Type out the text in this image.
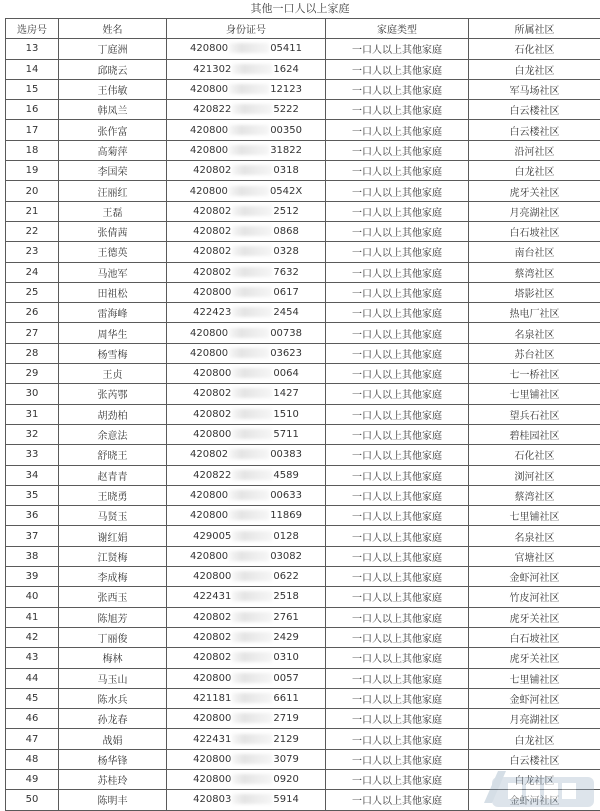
其他一口人以上家庭
选房号	姓名	身份证号	家庭类型	所属社区
13	丁庭洲	420800 05411	一口人以上其他家庭	石化社区
14	邱晓云	421302 1624	一口人以上其他家庭	白龙社区
15	王伟敏	420800 12123	一口人以上其他家庭	军马场社区
16	韩凤兰	420822 5222	一口人以上其他家庭	白云楼社区
17	张作富	420800 00350	一口人以上其他家庭	白云楼社区
18	高菊萍	420800 31822	一口人以上其他家庭	沿河社区
19	李国荣	420802 0318	一口人以上其他家庭	白龙社区
20	汪丽红	420800 0542X	一口人以上其他家庭	虎牙关社区
21	王磊	420802 2512	一口人以上其他家庭	月亮湖社区
22	张倩茜	420802 0868	一口人以上其他家庭	白石坡社区
23	王德英	420802 0328	一口人以上其他家庭	南台社区
24	马池军	420802 7632	一口人以上其他家庭	蔡湾社区
25	田祖松	420800 0617	一口人以上其他家庭	塔影社区
26	雷海峰	422423 2454	一口人以上其他家庭	热电厂社区
27	周华生	420800 00738	一口人以上其他家庭	名泉社区
28	杨雪梅	420800 03623	一口人以上其他家庭	苏台社区
29	王贞	420800 0064	一口人以上其他家庭	七一桥社区
30	张芮鄂	420802 1427	一口人以上其他家庭	七里铺社区
31	胡劲柏	420802 1510	一口人以上其他家庭	望兵石社区
32	余意法	420800 5711	一口人以上其他家庭	碧桂园社区
33	舒晓王	420802 00383	一口人以上其他家庭	石化社区
34	赵青青	420822 4589	一口人以上其他家庭	浏河社区
35	王晓勇	420800 00633	一口人以上其他家庭	蔡湾社区
36	马贤玉	420800 11869	一口人以上其他家庭	七里铺社区
37	谢红娟	429005 0128	一口人以上其他家庭	名泉社区
38	江贤梅	420800 03082	一口人以上其他家庭	官塘社区
39	李成梅	420800 0622	一口人以上其他家庭	金虾河社区
40	张西玉	422431 2518	一口人以上其他家庭	竹皮河社区
41	陈旭芳	420802 2761	一口人以上其他家庭	虎牙关社区
42	丁丽俊	420802 2429	一口人以上其他家庭	白石坡社区
43	梅林	420802 0310	一口人以上其他家庭	虎牙关社区
44	马玉山	420800 0057	一口人以上其他家庭	七里铺社区
45	陈水兵	421181 6611	一口人以上其他家庭	金虾河社区
46	孙龙春	420800 2719	一口人以上其他家庭	月亮湖社区
47	战娟	422431 2129	一口人以上其他家庭	白龙社区
48	杨华锋	420800 3079	一口人以上其他家庭	白云楼社区
49	苏桂玲	420800 0920	一口人以上其他家庭	白龙社区
50	陈明丰	420803 5914	一口人以上其他家庭	金虾河社区
